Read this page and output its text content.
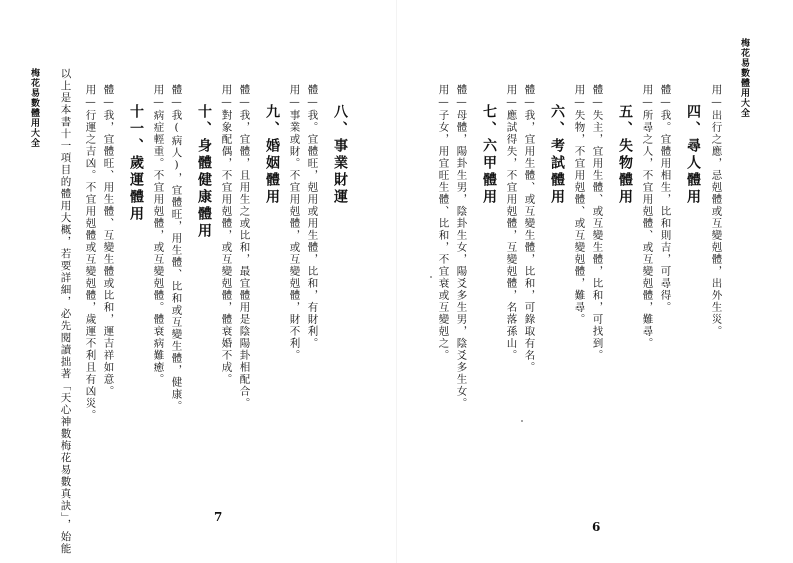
梅花易數體用大全
用—出行之應，忌剋體或互變剋體，出外生災。
四、尋人體用
體—我。宜體用相生，比和則吉，可尋得。
用—所尋之人，不宜用剋體、或互變剋體，難尋。
五、失物體用
體—失主，宜用生體、或互變生體，比和，可找到。
用—失物，不宜用剋體、或互變剋體，難尋。
六、考試體用
體—我，宜用生體、或互變生體，比和，可錄取有名。
用—應試得失，不宜用剋體，互變剋體，名落孫山。
七、六甲體用
體—母體，陽卦生男，陰卦生女，陽爻多生男，陰爻多生女。
用—子女，用宜旺生體、比和，不宜衰或互變剋之。
6
八、事業財運
體—我。宜體旺，剋用或用生體，比和，有財利。
用—事業或財。不宜用剋體，或互變剋體，財不利。
九、婚姻體用
體—我，宜體，且用生之或比和，最宜體用是陰陽卦相配合。
用—對象配偶，不宜用剋體，或互變剋體，體衰婚不成。
十、身體健康體用
體—我(病人)，宜體旺，用生體、比和或互變生體，健康。
用—病症輕重。不宜用剋體，或互變剋體。體衰病難癒。
十一、歲運體用
體—我，宜體旺、用生體、互變生體或比和，運吉祥如意。
用—行運之吉凶。不宜用剋體或互變剋體，歲運不利且有凶災。
以上是本書十一項目的體用大概，若要詳細，必先閱讀拙著「天心神數梅花易數真訣」，始能
梅花易數體用大全
7
